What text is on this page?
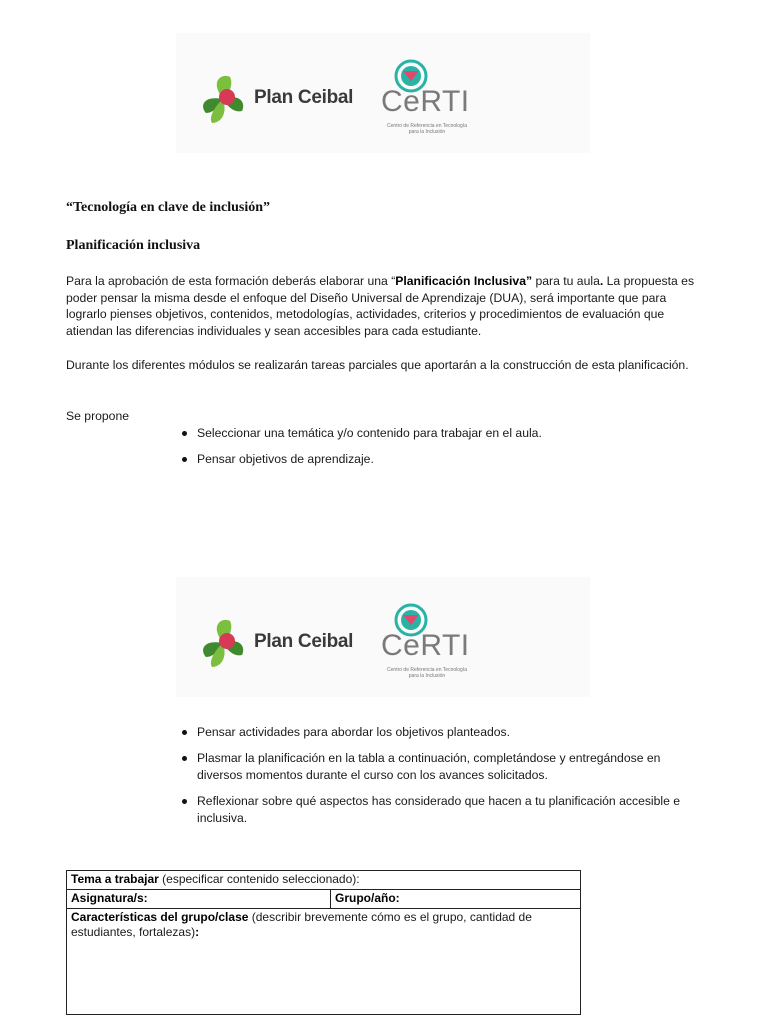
Plan Ceibal CeRTI
Centro de Referencia en Tecnología para la Inclusión
“Tecnología en clave de inclusión”
Planificación inclusiva
Para la aprobación de esta formación deberás elaborar una “Planificación Inclusiva” para tu aula. La propuesta es poder pensar la misma desde el enfoque del Diseño Universal de Aprendizaje (DUA), será importante que para lograrlo pienses objetivos, contenidos, metodologías, actividades, criterios y procedimientos de evaluación que atiendan las diferencias individuales y sean accesibles para cada estudiante.
Durante los diferentes módulos se realizarán tareas parciales que aportarán a la construcción de esta planificación.
Se propone
Seleccionar una temática y/o contenido para trabajar en el aula.
Pensar objetivos de aprendizaje.
Plan Ceibal CeRTI
Centro de Referencia en Tecnología para la Inclusión
Pensar actividades para abordar los objetivos planteados.
Plasmar la planificación en la tabla a continuación, completándose y entregándose en diversos momentos durante el curso con los avances solicitados.
Reflexionar sobre qué aspectos has considerado que hacen a tu planificación accesible e inclusiva.
Tema a trabajar (especificar contenido seleccionado):
Asignatura/s:	Grupo/año:
Características del grupo/clase (describir brevemente cómo es el grupo, cantidad de estudiantes, fortalezas):
